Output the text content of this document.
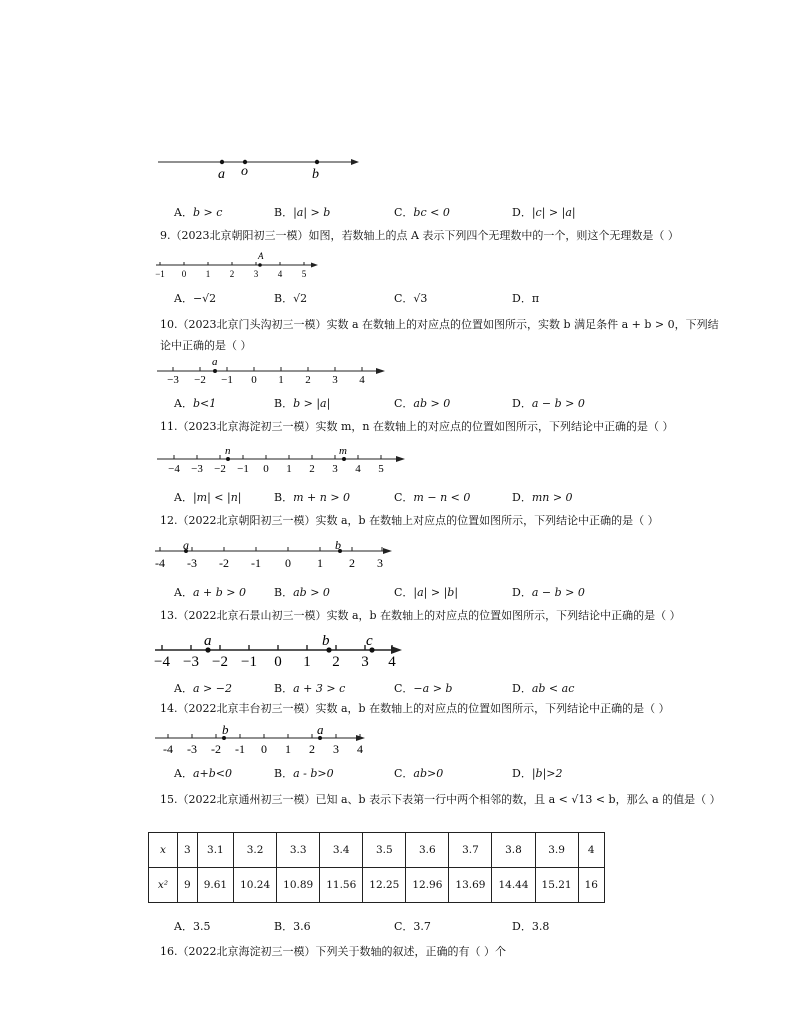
a o	b
A．b > c	B．|a| > b	C．bc < 0	D．|c| > |a|
9.（2023北京朝阳初三一模）如图，若数轴上的点 A 表示下列四个无理数中的一个，则这个无理数是（ ）
A
−1 0 1 2 3 4 5
A．−√2	B．√2	C．√3	D．π
10.（2023北京门头沟初三一模）实数 a 在数轴上的对应点的位置如图所示，实数 b 满足条件 a + b > 0，下列结论中正确的是（ ）
a
−3 −2 −1 0 1 2 3 4
A．b<1	B．b > |a|	C．ab > 0	D．a − b > 0
11.（2023北京海淀初三一模）实数 m，n 在数轴上的对应点的位置如图所示，下列结论中正确的是（ ）
n	m
−4 −3 −2 −1 0 1 2 3 4 5
A．|m| < |n|	B．m + n > 0	C．m − n < 0	D．mn > 0
12.（2022北京朝阳初三一模）实数 a，b 在数轴上对应点的位置如图所示，下列结论中正确的是（ ）
a	b
-4 -3 -2 -1 0 1 2 3
A．a + b > 0	B．ab > 0	C．|a| > |b|	D．a − b > 0
13.（2022北京石景山初三一模）实数 a，b 在数轴上的对应点的位置如图所示，下列结论中正确的是（ ）
a	b c
−4 −3 −2 −1 0 1 2 3 4
A．a > −2	B．a + 3 > c	C．−a > b	D．ab < ac
14.（2022北京丰台初三一模）实数 a，b 在数轴上的对应点的位置如图所示，下列结论中正确的是（ ）
b	a
-4 -3 -2 -1 0 1 2 3 4
A．a+b<0	B．a - b>0	C．ab>0	D．|b|>2
15.（2022北京通州初三一模）已知 a、b 表示下表第一行中两个相邻的数，且 a < √13 < b，那么 a 的值是（ ）
x	3	3.1	3.2	3.3	3.4	3.5	3.6	3.7	3.8	3.9	4
x²	9	9.61	10.24	10.89	11.56	12.25	12.96	13.69	14.44	15.21	16
A．3.5	B．3.6	C．3.7	D．3.8
16.（2022北京海淀初三一模）下列关于数轴的叙述，正确的有（ ）个
